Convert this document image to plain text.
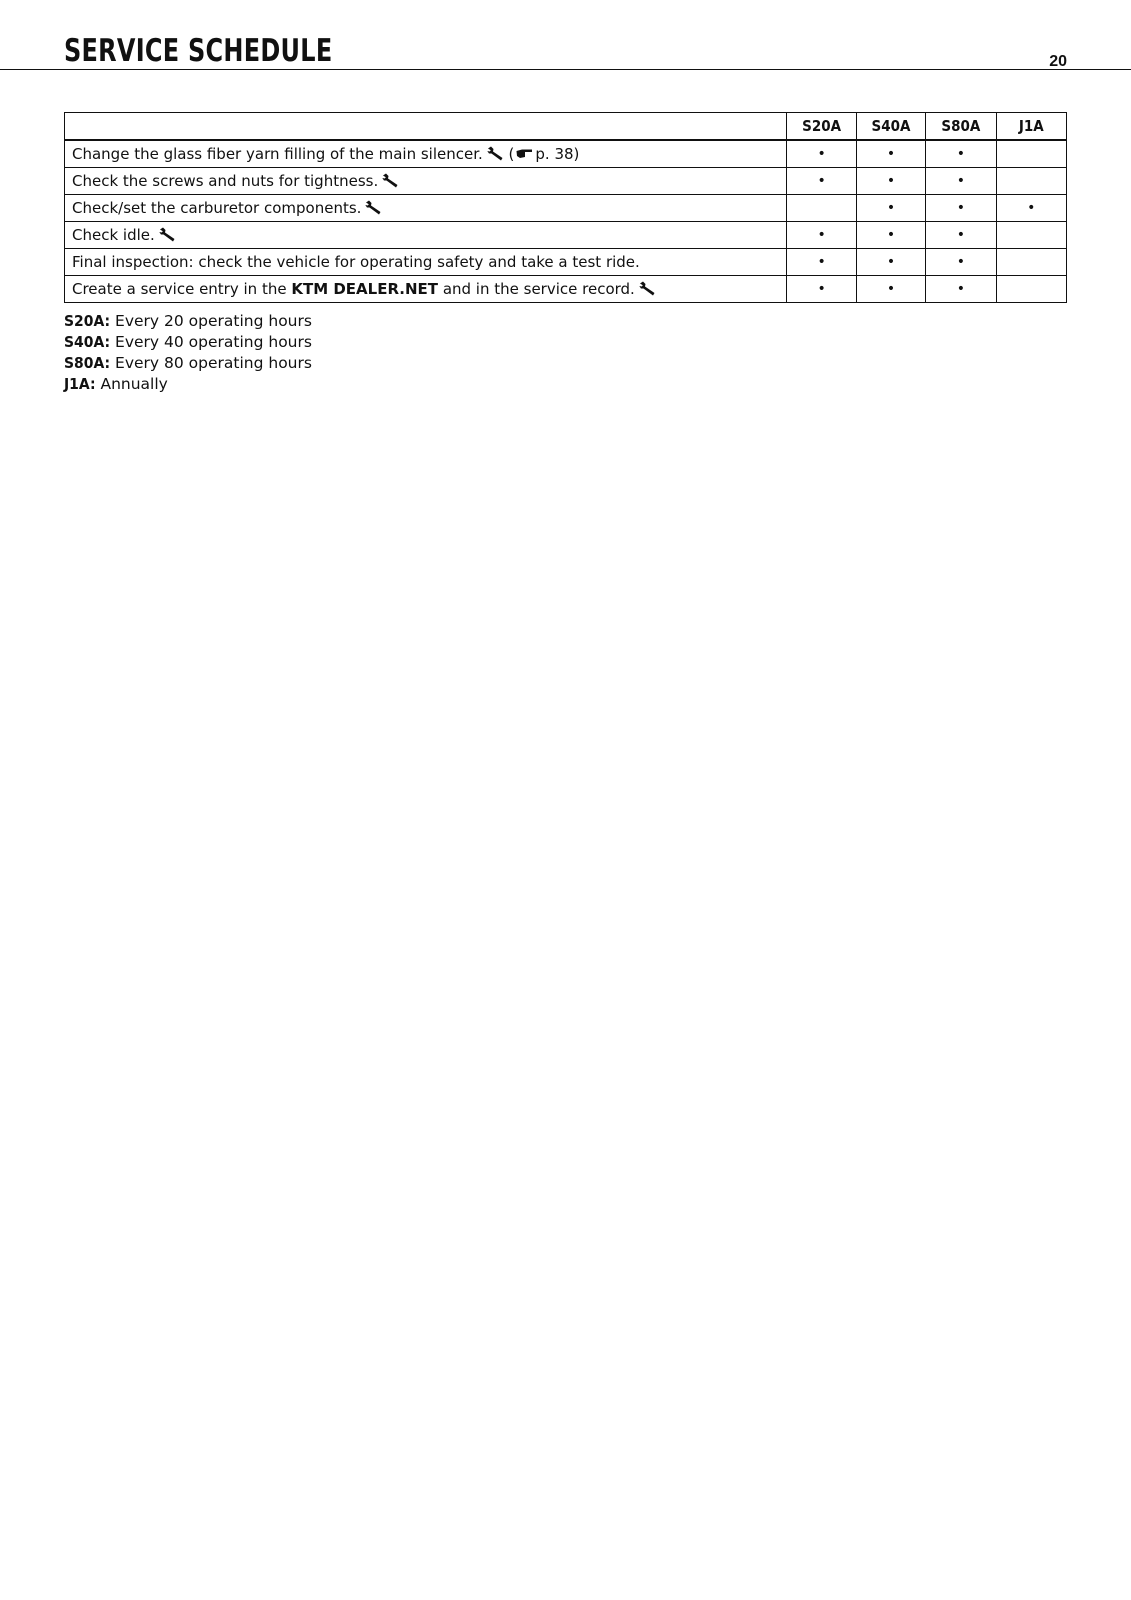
SERVICE SCHEDULE	20
	S20A	S40A	S80A	J1A
Change the glass fiber yarn filling of the main silencer. ( p. 38)	•	•	•	
Check the screws and nuts for tightness.	•	•	•	
Check/set the carburetor components.		•	•	•
Check idle.	•	•	•	
Final inspection: check the vehicle for operating safety and take a test ride.	•	•	•	
Create a service entry in the KTM DEALER.NET and in the service record.	•	•	•	
S20A: Every 20 operating hours
S40A: Every 40 operating hours
S80A: Every 80 operating hours
J1A: Annually
